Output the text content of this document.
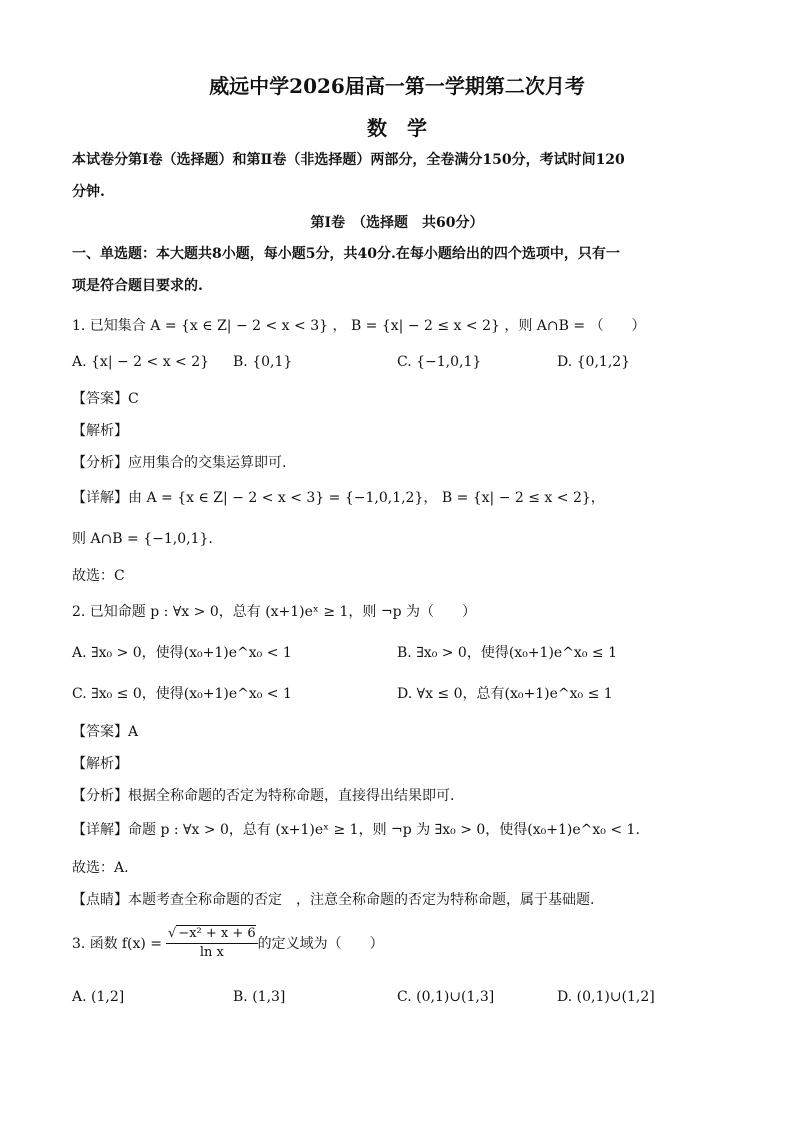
威远中学2026届高一第一学期第二次月考
数　学
本试卷分第Ⅰ卷（选择题）和第Ⅱ卷（非选择题）两部分，全卷满分150分，考试时间120
分钟.
第Ⅰ卷　（选择题　共60分）
一、单选题：本大题共8小题，每小题5分，共40分.在每小题给出的四个选项中，只有一
项是符合题目要求的.
1. 已知集合 A = {x ∈ Z| − 2 < x < 3} ， B = {x| − 2 ≤ x < 2} ，则 A∩B = （　　）
A. {x| − 2 < x < 2} B. {0,1}	C. {−1,0,1}	D. {0,1,2}
【答案】C
【解析】
【分析】应用集合的交集运算即可.
【详解】由 A = {x ∈ Z| − 2 < x < 3} = {−1,0,1,2}， B = {x| − 2 ≤ x < 2}，
则 A∩B = {−1,0,1}.
故选：C
2. 已知命题 p : ∀x > 0，总有 (x+1)eˣ ≥ 1，则 ¬p 为（　　）
A. ∃x₀ > 0，使得(x₀+1)e^x₀ < 1	B. ∃x₀ > 0，使得(x₀+1)e^x₀ ≤ 1
C. ∃x₀ ≤ 0，使得(x₀+1)e^x₀ < 1	D. ∀x ≤ 0，总有(x₀+1)e^x₀ ≤ 1
【答案】A
【解析】
【分析】根据全称命题的否定为特称命题，直接得出结果即可.
【详解】命题 p : ∀x > 0，总有 (x+1)eˣ ≥ 1，则 ¬p 为 ∃x₀ > 0，使得(x₀+1)e^x₀ < 1.
故选：A.
【点睛】本题考查全称命题的否定　，注意全称命题的否定为特称命题，属于基础题.
3. 函数 $f(x) = \frac{\text{√ −x² + x + 6}}{\text{ln x}}$ 的定义域为（　　）
A. (1,2]	B. (1,3]	C. (0,1)∪(1,3]	D. (0,1)∪(1,2]
